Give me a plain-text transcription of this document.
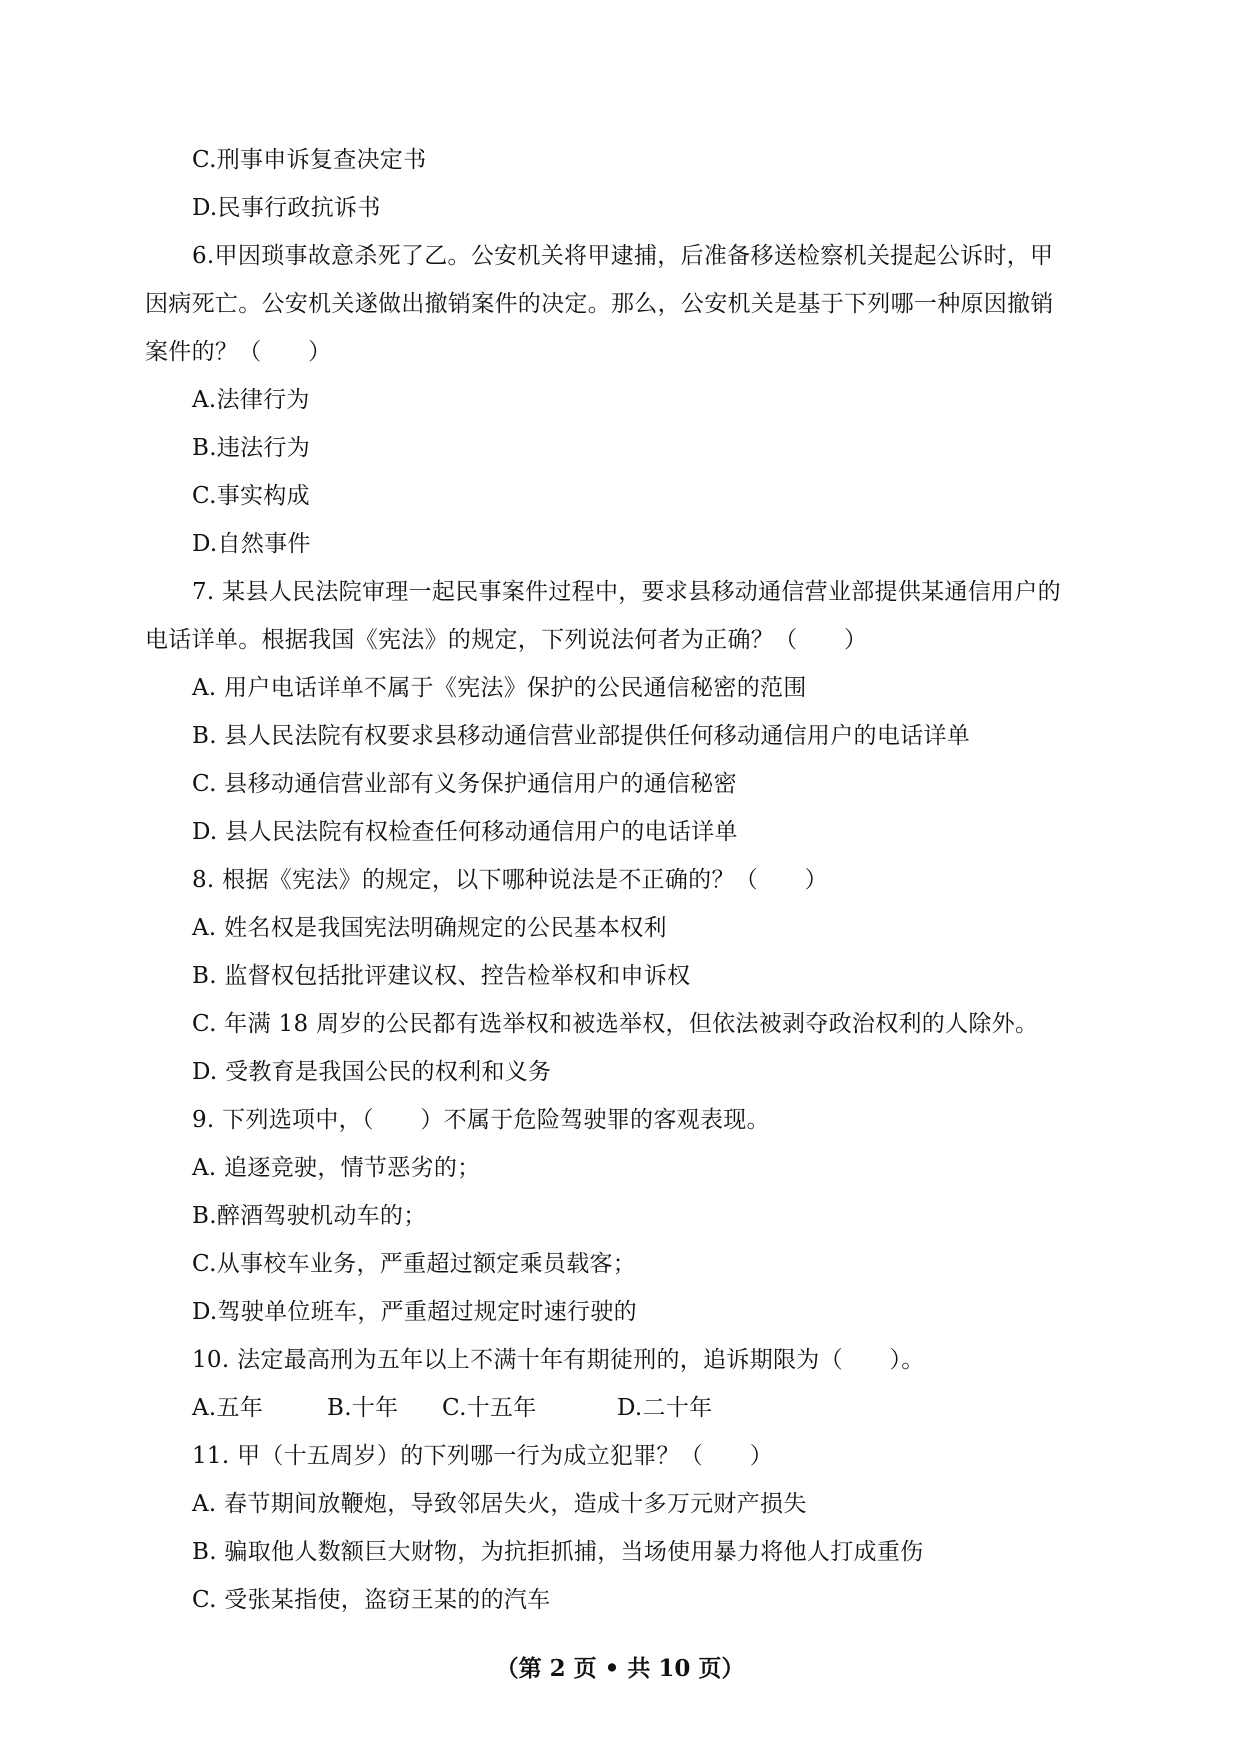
C.刑事申诉复查决定书
D.民事行政抗诉书
6.甲因琐事故意杀死了乙。公安机关将甲逮捕，后准备移送检察机关提起公诉时，甲
因病死亡。公安机关遂做出撤销案件的决定。那么，公安机关是基于下列哪一种原因撤销
案件的？（　　）
A.法律行为
B.违法行为
C.事实构成
D.自然事件
7. 某县人民法院审理一起民事案件过程中，要求县移动通信营业部提供某通信用户的
电话详单。根据我国《宪法》的规定，下列说法何者为正确？（　　）
A. 用户电话详单不属于《宪法》保护的公民通信秘密的范围
B. 县人民法院有权要求县移动通信营业部提供任何移动通信用户的电话详单
C. 县移动通信营业部有义务保护通信用户的通信秘密
D. 县人民法院有权检查任何移动通信用户的电话详单
8. 根据《宪法》的规定，以下哪种说法是不正确的？（　　）
A. 姓名权是我国宪法明确规定的公民基本权利
B. 监督权包括批评建议权、控告检举权和申诉权
C. 年满 18 周岁的公民都有选举权和被选举权，但依法被剥夺政治权利的人除外。
D. 受教育是我国公民的权利和义务
9. 下列选项中，（　　）不属于危险驾驶罪的客观表现。
A. 追逐竞驶，情节恶劣的；
B.醉酒驾驶机动车的；
C.从事校车业务，严重超过额定乘员载客；
D.驾驶单位班车，严重超过规定时速行驶的
10. 法定最高刑为五年以上不满十年有期徒刑的，追诉期限为（　　）。
A.五年	B.十年	C.十五年	D.二十年
11. 甲（十五周岁）的下列哪一行为成立犯罪？（　　）
A. 春节期间放鞭炮，导致邻居失火，造成十多万元财产损失
B. 骗取他人数额巨大财物，为抗拒抓捕，当场使用暴力将他人打成重伤
C. 受张某指使，盗窃王某的的汽车
（第 2 页 • 共 10 页）
